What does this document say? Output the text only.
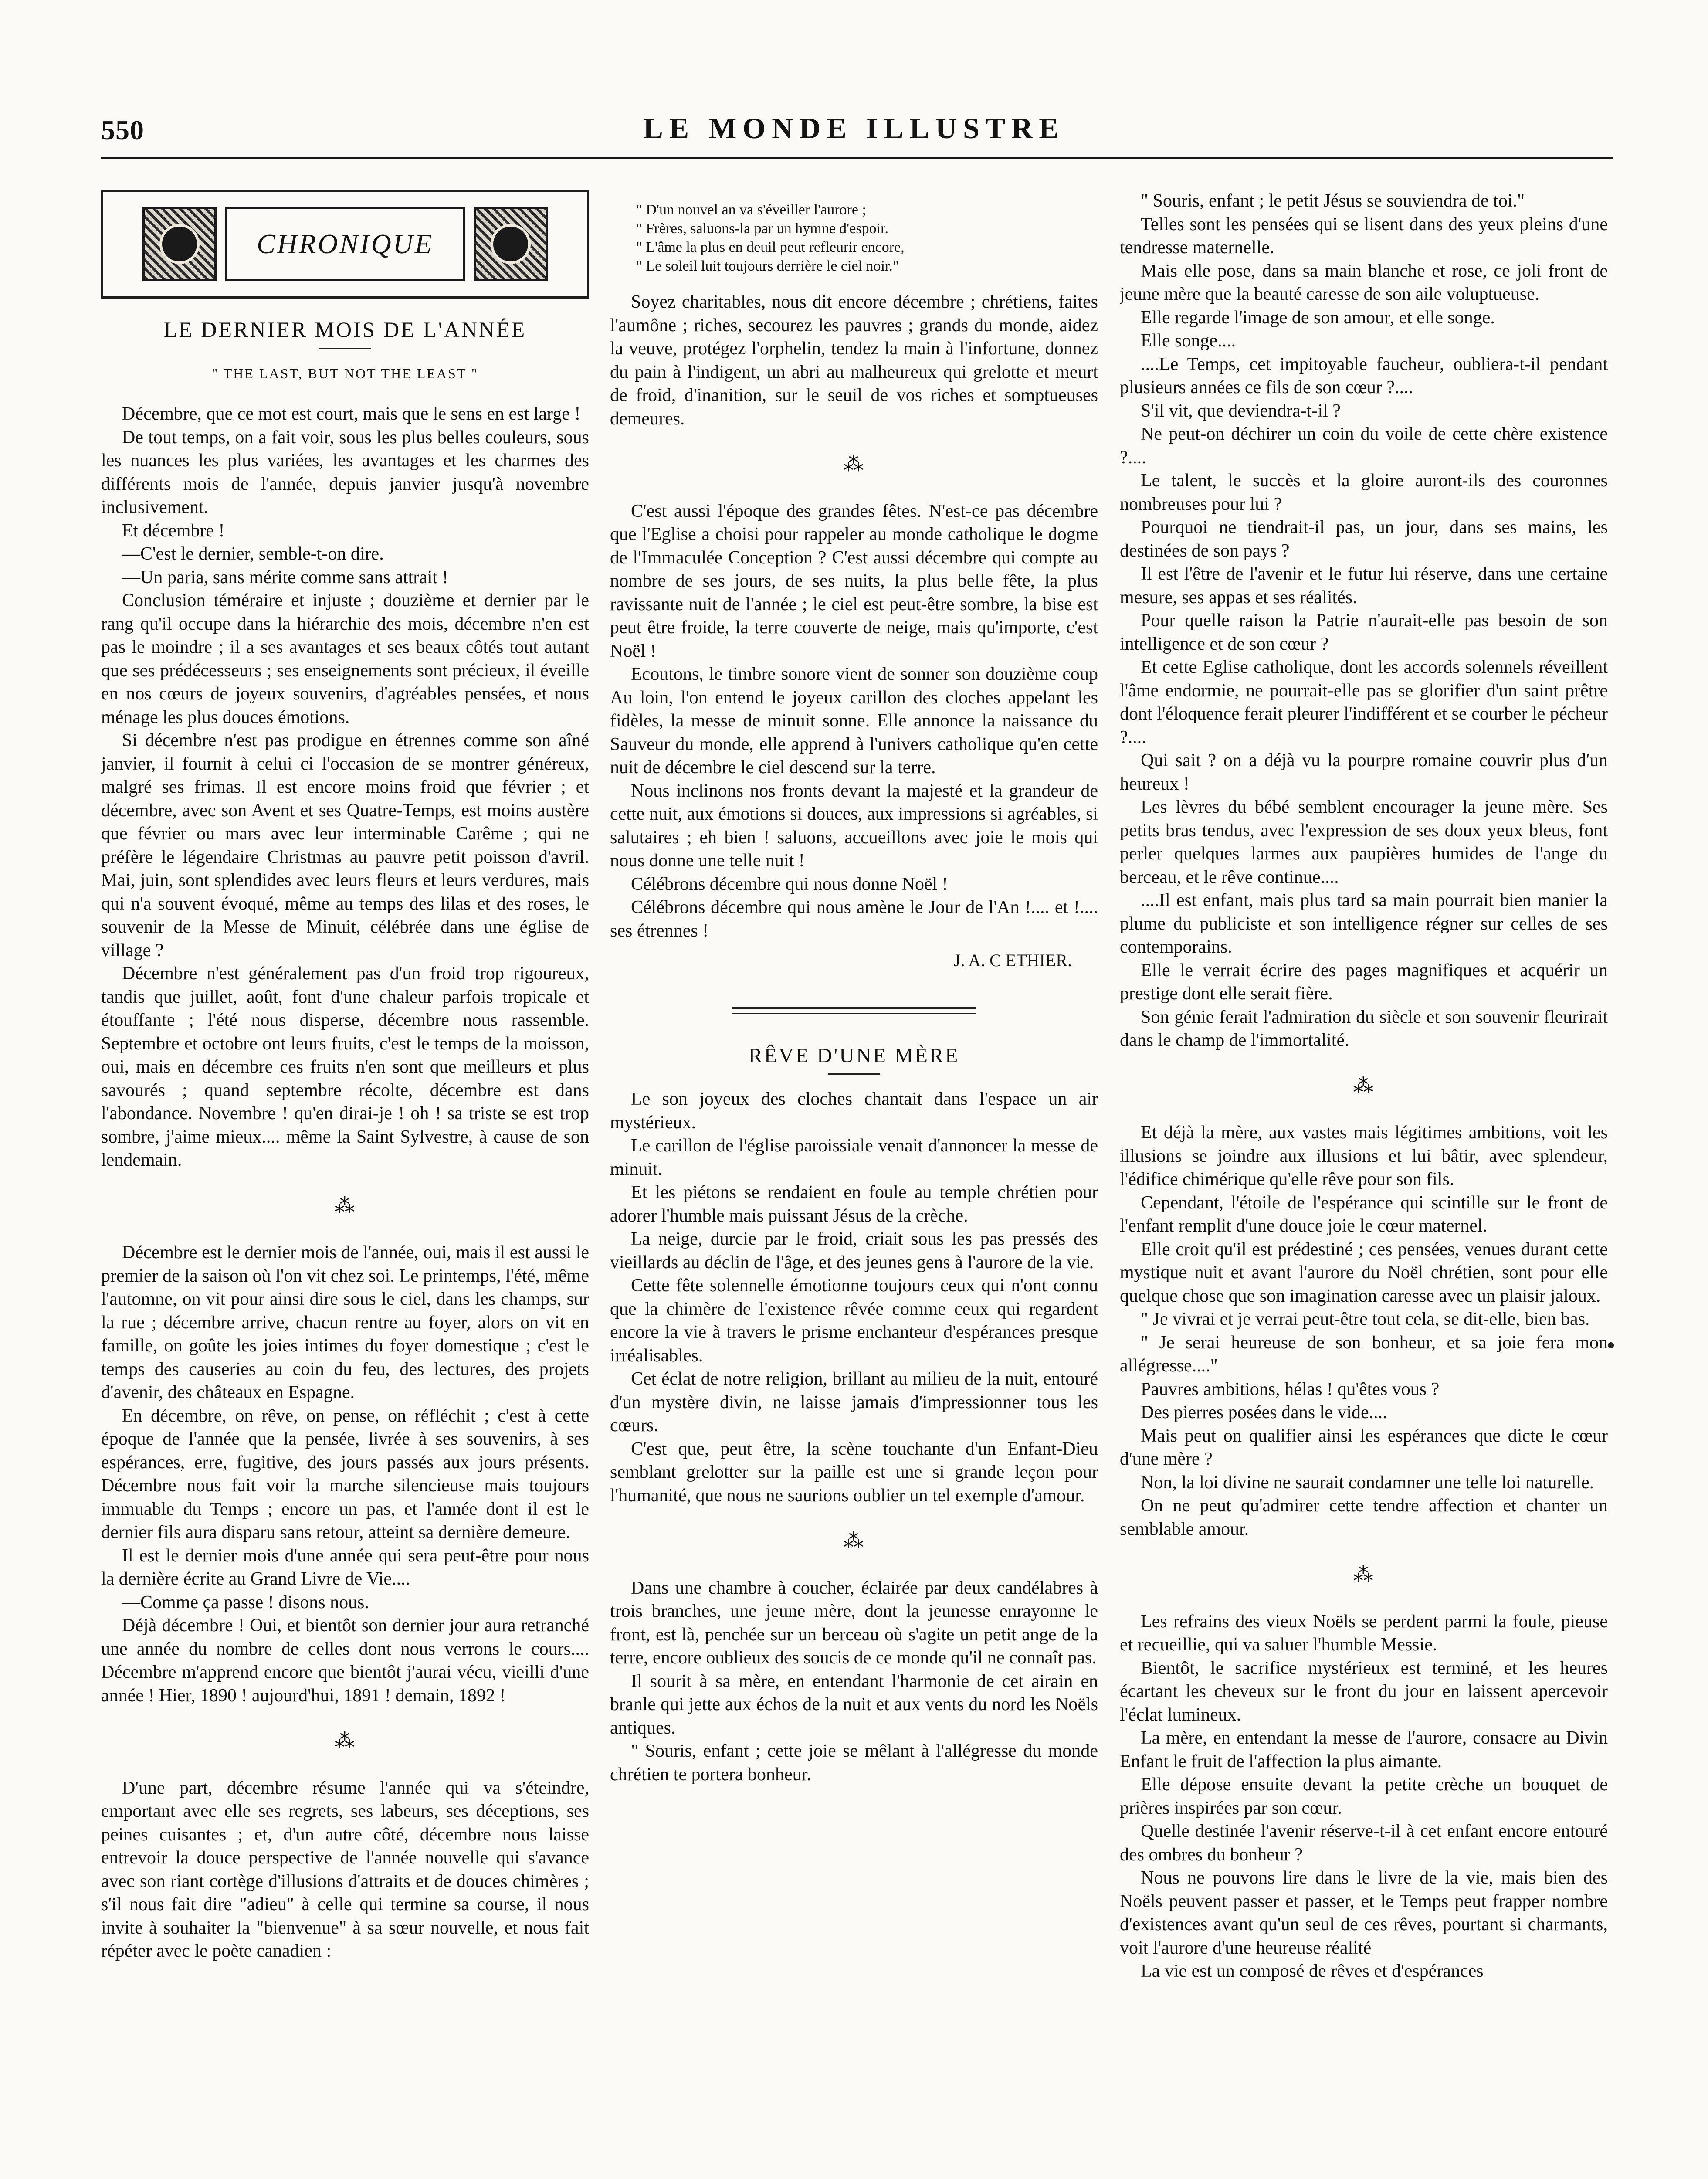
550	LE MONDE ILLUSTRE
CHRONIQUE
LE DERNIER MOIS DE L'ANNÉE
" THE LAST, BUT NOT THE LEAST "

Décembre, que ce mot est court, mais que le sens en est large !

De tout temps, on a fait voir, sous les plus belles couleurs, sous les nuances les plus variées, les avantages et les charmes des différents mois de l'année, depuis janvier jusqu'à novembre inclusivement.

Et décembre !

—C'est le dernier, semble-t-on dire.

—Un paria, sans mérite comme sans attrait !

Conclusion téméraire et injuste ; douzième et dernier par le rang qu'il occupe dans la hiérarchie des mois, décembre n'en est pas le moindre ; il a ses avantages et ses beaux côtés tout autant que ses prédécesseurs ; ses enseignements sont précieux, il éveille en nos cœurs de joyeux souvenirs, d'agréables pensées, et nous ménage les plus douces émotions.

Si décembre n'est pas prodigue en étrennes comme son aîné janvier, il fournit à celui ci l'occasion de se montrer généreux, malgré ses frimas. Il est encore moins froid que février ; et décembre, avec son Avent et ses Quatre-Temps, est moins austère que février ou mars avec leur interminable Carême ; qui ne préfère le légendaire Christmas au pauvre petit poisson d'avril. Mai, juin, sont splendides avec leurs fleurs et leurs verdures, mais qui n'a souvent évoqué, même au temps des lilas et des roses, le souvenir de la Messe de Minuit, célébrée dans une église de village ?

Décembre n'est généralement pas d'un froid trop rigoureux, tandis que juillet, août, font d'une chaleur parfois tropicale et étouffante ; l'été nous disperse, décembre nous rassemble. Septembre et octobre ont leurs fruits, c'est le temps de la moisson, oui, mais en décembre ces fruits n'en sont que meilleurs et plus savourés ; quand septembre récolte, décembre est dans l'abondance. Novembre ! qu'en dirai-je ! oh ! sa triste se est trop sombre, j'aime mieux.... même la Saint Sylvestre, à cause de son lendemain.

⁂

Décembre est le dernier mois de l'année, oui, mais il est aussi le premier de la saison où l'on vit chez soi. Le printemps, l'été, même l'automne, on vit pour ainsi dire sous le ciel, dans les champs, sur la rue ; décembre arrive, chacun rentre au foyer, alors on vit en famille, on goûte les joies intimes du foyer domestique ; c'est le temps des causeries au coin du feu, des lectures, des projets d'avenir, des châteaux en Espagne.

En décembre, on rêve, on pense, on réfléchit ; c'est à cette époque de l'année que la pensée, livrée à ses souvenirs, à ses espérances, erre, fugitive, des jours passés aux jours présents. Décembre nous fait voir la marche silencieuse mais toujours immuable du Temps ; encore un pas, et l'année dont il est le dernier fils aura disparu sans retour, atteint sa dernière demeure.

Il est le dernier mois d'une année qui sera peut-être pour nous la dernière écrite au Grand Livre de Vie....

—Comme ça passe ! disons nous.

Déjà décembre ! Oui, et bientôt son dernier jour aura retranché une année du nombre de celles dont nous verrons le cours.... Décembre m'apprend encore que bientôt j'aurai vécu, vieilli d'une année ! Hier, 1890 ! aujourd'hui, 1891 ! demain, 1892 !

⁂

D'une part, décembre résume l'année qui va s'éteindre, emportant avec elle ses regrets, ses labeurs, ses déceptions, ses peines cuisantes ; et, d'un autre côté, décembre nous laisse entrevoir la douce perspective de l'année nouvelle qui s'avance avec son riant cortège d'illusions d'attraits et de douces chimères ; s'il nous fait dire "adieu" à celle qui termine sa course, il nous invite à souhaiter la "bienvenue" à sa sœur nouvelle, et nous fait répéter avec le poète canadien :

" D'un nouvel an va s'éveiller l'aurore ;
" Frères, saluons-la par un hymne d'espoir.
" L'âme la plus en deuil peut refleurir encore,
" Le soleil luit toujours derrière le ciel noir."

Soyez charitables, nous dit encore décembre ; chrétiens, faites l'aumône ; riches, secourez les pauvres ; grands du monde, aidez la veuve, protégez l'orphelin, tendez la main à l'infortune, donnez du pain à l'indigent, un abri au malheureux qui grelotte et meurt de froid, d'inanition, sur le seuil de vos riches et somptueuses demeures.

⁂

C'est aussi l'époque des grandes fêtes. N'est-ce pas décembre que l'Eglise a choisi pour rappeler au monde catholique le dogme de l'Immaculée Conception ? C'est aussi décembre qui compte au nombre de ses jours, de ses nuits, la plus belle fête, la plus ravissante nuit de l'année ; le ciel est peut-être sombre, la bise est peut être froide, la terre couverte de neige, mais qu'importe, c'est Noël !

Ecoutons, le timbre sonore vient de sonner son douzième coup Au loin, l'on entend le joyeux carillon des cloches appelant les fidèles, la messe de minuit sonne. Elle annonce la naissance du Sauveur du monde, elle apprend à l'univers catholique qu'en cette nuit de décembre le ciel descend sur la terre.

Nous inclinons nos fronts devant la majesté et la grandeur de cette nuit, aux émotions si douces, aux impressions si agréables, si salutaires ; eh bien ! saluons, accueillons avec joie le mois qui nous donne une telle nuit !

Célébrons décembre qui nous donne Noël !

Célébrons décembre qui nous amène le Jour de l'An !.... et !.... ses étrennes !

J. A. C ETHIER.
RÊVE D'UNE MÈRE

Le son joyeux des cloches chantait dans l'espace un air mystérieux.

Le carillon de l'église paroissiale venait d'annoncer la messe de minuit.

Et les piétons se rendaient en foule au temple chrétien pour adorer l'humble mais puissant Jésus de la crèche.

La neige, durcie par le froid, criait sous les pas pressés des vieillards au déclin de l'âge, et des jeunes gens à l'aurore de la vie.

Cette fête solennelle émotionne toujours ceux qui n'ont connu que la chimère de l'existence rêvée comme ceux qui regardent encore la vie à travers le prisme enchanteur d'espérances presque irréalisables.

Cet éclat de notre religion, brillant au milieu de la nuit, entouré d'un mystère divin, ne laisse jamais d'impressionner tous les cœurs.

C'est que, peut être, la scène touchante d'un Enfant-Dieu semblant grelotter sur la paille est une si grande leçon pour l'humanité, que nous ne saurions oublier un tel exemple d'amour.

⁂

Dans une chambre à coucher, éclairée par deux candélabres à trois branches, une jeune mère, dont la jeunesse enrayonne le front, est là, penchée sur un berceau où s'agite un petit ange de la terre, encore oublieux des soucis de ce monde qu'il ne connaît pas.

Il sourit à sa mère, en entendant l'harmonie de cet airain en branle qui jette aux échos de la nuit et aux vents du nord les Noëls antiques.

" Souris, enfant ; cette joie se mêlant à l'allégresse du monde chrétien te portera bonheur.

" Souris, enfant ; le petit Jésus se souviendra de toi."

Telles sont les pensées qui se lisent dans des yeux pleins d'une tendresse maternelle.

Mais elle pose, dans sa main blanche et rose, ce joli front de jeune mère que la beauté caresse de son aile voluptueuse.

Elle regarde l'image de son amour, et elle songe.

Elle songe....

....Le Temps, cet impitoyable faucheur, oubliera-t-il pendant plusieurs années ce fils de son cœur ?....

S'il vit, que deviendra-t-il ?

Ne peut-on déchirer un coin du voile de cette chère existence ?....

Le talent, le succès et la gloire auront-ils des couronnes nombreuses pour lui ?

Pourquoi ne tiendrait-il pas, un jour, dans ses mains, les destinées de son pays ?

Il est l'être de l'avenir et le futur lui réserve, dans une certaine mesure, ses appas et ses réalités.

Pour quelle raison la Patrie n'aurait-elle pas besoin de son intelligence et de son cœur ?

Et cette Eglise catholique, dont les accords solennels réveillent l'âme endormie, ne pourrait-elle pas se glorifier d'un saint prêtre dont l'éloquence ferait pleurer l'indifférent et se courber le pécheur ?....

Qui sait ? on a déjà vu la pourpre romaine couvrir plus d'un heureux !

Les lèvres du bébé semblent encourager la jeune mère. Ses petits bras tendus, avec l'expression de ses doux yeux bleus, font perler quelques larmes aux paupières humides de l'ange du berceau, et le rêve continue....

....Il est enfant, mais plus tard sa main pourrait bien manier la plume du publiciste et son intelligence régner sur celles de ses contemporains.

Elle le verrait écrire des pages magnifiques et acquérir un prestige dont elle serait fière.

Son génie ferait l'admiration du siècle et son souvenir fleurirait dans le champ de l'immortalité.

⁂

Et déjà la mère, aux vastes mais légitimes ambitions, voit les illusions se joindre aux illusions et lui bâtir, avec splendeur, l'édifice chimérique qu'elle rêve pour son fils.

Cependant, l'étoile de l'espérance qui scintille sur le front de l'enfant remplit d'une douce joie le cœur maternel.

Elle croit qu'il est prédestiné ; ces pensées, venues durant cette mystique nuit et avant l'aurore du Noël chrétien, sont pour elle quelque chose que son imagination caresse avec un plaisir jaloux.

" Je vivrai et je verrai peut-être tout cela, se dit-elle, bien bas.

" Je serai heureuse de son bonheur, et sa joie fera mon allégresse...."

Pauvres ambitions, hélas ! qu'êtes vous ?

Des pierres posées dans le vide....

Mais peut on qualifier ainsi les espérances que dicte le cœur d'une mère ?

Non, la loi divine ne saurait condamner une telle loi naturelle.

On ne peut qu'admirer cette tendre affection et chanter un semblable amour.

⁂

Les refrains des vieux Noëls se perdent parmi la foule, pieuse et recueillie, qui va saluer l'humble Messie.

Bientôt, le sacrifice mystérieux est terminé, et les heures écartant les cheveux sur le front du jour en laissent apercevoir l'éclat lumineux.

La mère, en entendant la messe de l'aurore, consacre au Divin Enfant le fruit de l'affection la plus aimante.

Elle dépose ensuite devant la petite crèche un bouquet de prières inspirées par son cœur.

Quelle destinée l'avenir réserve-t-il à cet enfant encore entouré des ombres du bonheur ?

Nous ne pouvons lire dans le livre de la vie, mais bien des Noëls peuvent passer et passer, et le Temps peut frapper nombre d'existences avant qu'un seul de ces rêves, pourtant si charmants, voit l'aurore d'une heureuse réalité

La vie est un composé de rêves et d'espérances
